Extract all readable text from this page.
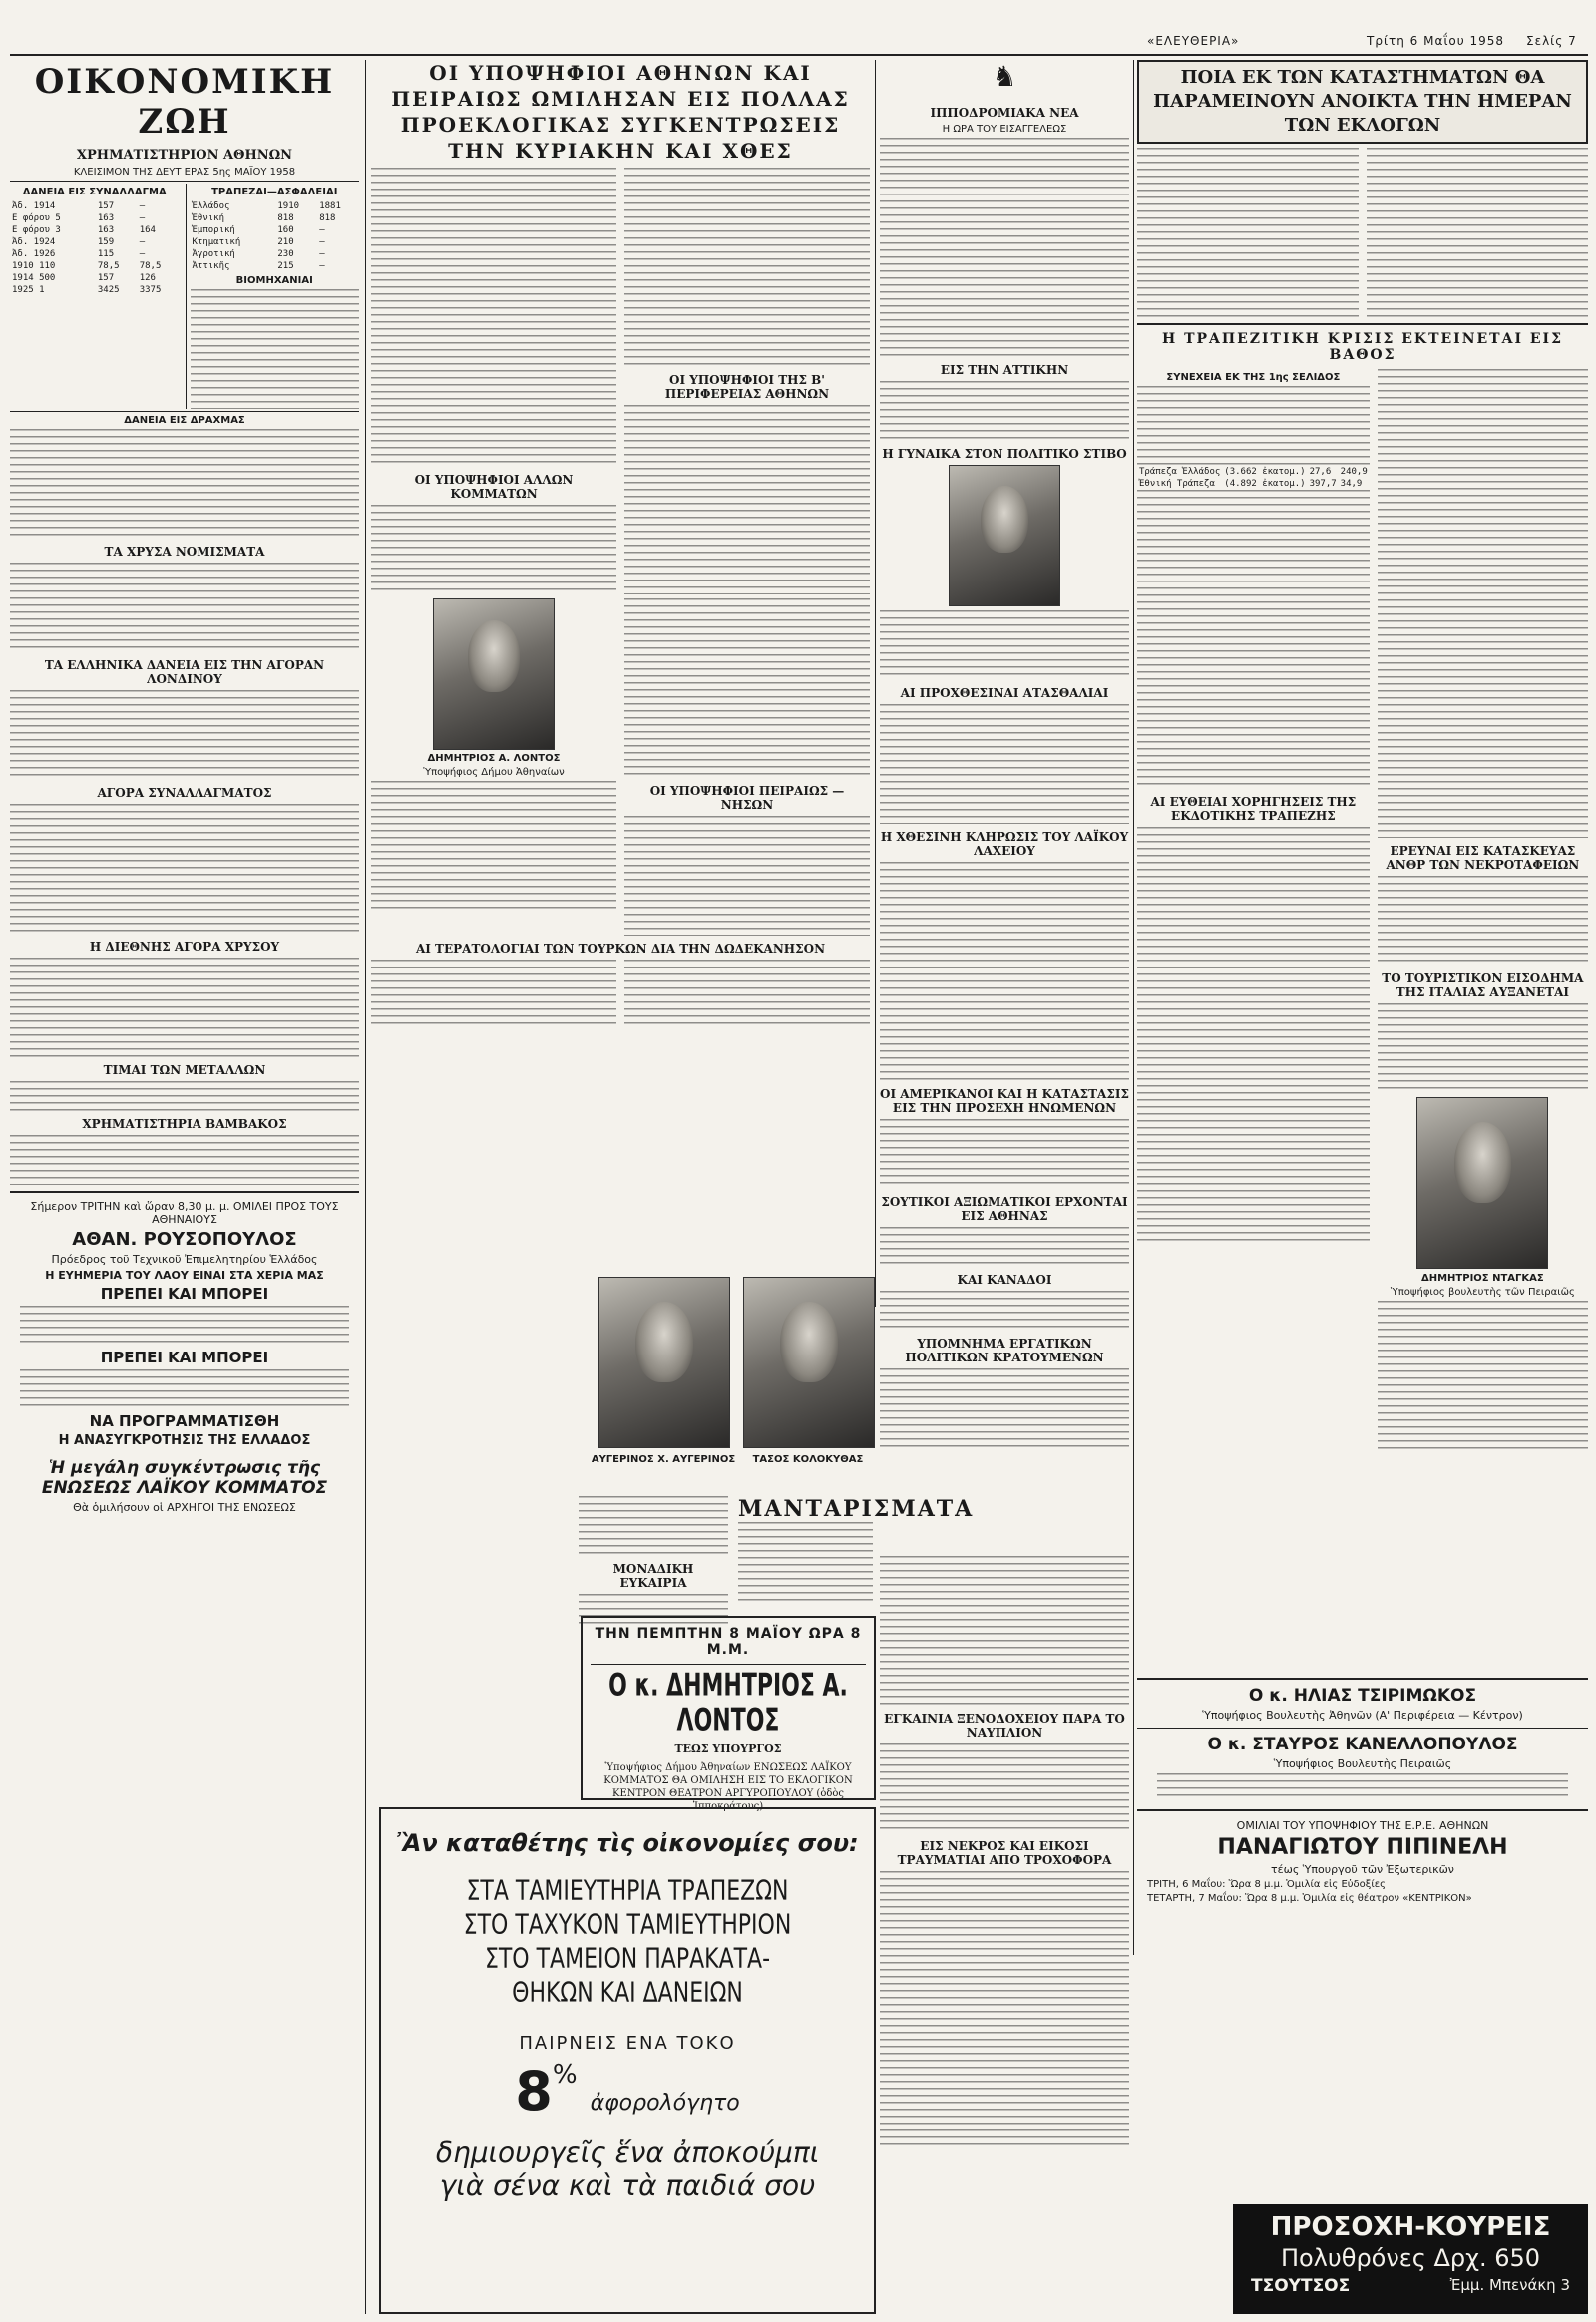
«ΕΛΕΥΘΕΡΙΑ»	Τρίτη 6 Μαΐου 1958 Σελίς 7
ΟΙΚΟΝΟΜΙΚΗ ΖΩΗ
ΧΡΗΜΑΤΙΣΤΗΡΙΟΝ ΑΘΗΝΩΝ
ΚΛΕΙΣΙΜΟΝ ΤΗΣ ΔΕΥΤ ΕΡΑΣ 5ης ΜΑΪΟΥ 1958
ΔΑΝΕΙΑ ΕΙΣ ΣΥΝΑΛΛΑΓΜΑ
Ἀδ. 1914	157	—
Ε φόρου 5	163	—
Ε φόρου 3	163	164
Ἀδ. 1924	159	—
Ἀδ. 1926	115	—
1910 110	78,5	78,5
1914 500	157	126
1925 1	3425	3375
ΤΡΑΠΕΖΑΙ—ΑΣΦΑΛΕΙΑΙ
Ἑλλάδος	1910	1881
Ἑθνική	818	818
Ἐμπορική	160	—
Κτηματική	210	—
Ἀγροτική	230	—
Ἀττικῆς	215	—
ΒΙΟΜΗΧΑΝΙΑΙ
ΔΑΝΕΙΑ ΕΙΣ ΔΡΑΧΜΑΣ
ΤΑ ΧΡΥΣΑ ΝΟΜΙΣΜΑΤΑ
ΤΑ ΕΛΛΗΝΙΚΑ ΔΑΝΕΙΑ ΕΙΣ ΤΗΝ ΑΓΟΡΑΝ ΛΟΝΔΙΝΟΥ
ΑΓΟΡΑ ΣΥΝΑΛΛΑΓΜΑΤΟΣ
Η ΔΙΕΘΝΗΣ ΑΓΟΡΑ ΧΡΥΣΟΥ
ΤΙΜΑΙ ΤΩΝ ΜΕΤΑΛΛΩΝ
ΧΡΗΜΑΤΙΣΤΗΡΙΑ ΒΑΜΒΑΚΟΣ
Σήμερον ΤΡΙΤΗΝ καὶ ὥραν 8,30 μ. μ. ΟΜΙΛΕΙ ΠΡΟΣ ΤΟΥΣ ΑΘΗΝΑΙΟΥΣ
ΑΘΑΝ. ΡΟΥΣΟΠΟΥΛΟΣ
Πρόεδρος τοῦ Τεχνικοῦ Ἐπιμελητηρίου Ἑλλάδος
Η ΕΥΗΜΕΡΙΑ ΤΟΥ ΛΑΟΥ ΕΙΝΑΙ ΣΤΑ ΧΕΡΙΑ ΜΑΣ
ΠΡΕΠΕΙ ΚΑΙ ΜΠΟΡΕΙ
ΠΡΕΠΕΙ ΚΑΙ ΜΠΟΡΕΙ
ΝΑ ΠΡΟΓΡΑΜΜΑΤΙΣΘΗ
Η ΑΝΑΣΥΓΚΡΟΤΗΣΙΣ ΤΗΣ ΕΛΛΑΔΟΣ
Ἡ μεγάλη συγκέντρωσις τῆς ΕΝΩΣΕΩΣ ΛΑΪΚΟΥ ΚΟΜΜΑΤΟΣ
Θὰ ὁμιλήσουν οἱ ΑΡΧΗΓΟΙ ΤΗΣ ΕΝΩΣΕΩΣ
ΟΙ ΥΠΟΨΗΦΙΟΙ ΑΘΗΝΩΝ ΚΑΙ ΠΕΙΡΑΙΩΣ ΩΜΙΛΗΣΑΝ ΕΙΣ ΠΟΛΛΑΣ ΠΡΟΕΚΛΟΓΙΚΑΣ ΣΥΓΚΕΝΤΡΩΣΕΙΣ ΤΗΝ ΚΥΡΙΑΚΗΝ ΚΑΙ ΧΘΕΣ
ΟΙ ΥΠΟΨΗΦΙΟΙ ΑΛΛΩΝ ΚΟΜΜΑΤΩΝ
ΟΙ ΥΠΟΨΗΦΙΟΙ ΤΗΣ Β' ΠΕΡΙΦΕΡΕΙΑΣ ΑΘΗΝΩΝ
ΔΗΜΗΤΡΙΟΣ Α. ΛΟΝΤΟΣ
Ὑποψήφιος Δήμου Ἀθηναίων
ΟΙ ΥΠΟΨΗΦΙΟΙ ΠΕΙΡΑΙΩΣ — ΝΗΣΩΝ
ΑΙ ΤΕΡΑΤΟΛΟΓΙΑΙ ΤΩΝ ΤΟΥΡΚΩΝ ΔΙΑ ΤΗΝ ΔΩΔΕΚΑΝΗΣΟΝ
♞
ΙΠΠΟΔΡΟΜΙΑΚΑ ΝΕΑ
Η ΩΡΑ ΤΟΥ ΕΙΣΑΓΓΕΛΕΩΣ
ΕΙΣ ΤΗΝ ΑΤΤΙΚΗΝ
Η ΓΥΝΑΙΚΑ ΣΤΟΝ ΠΟΛΙΤΙΚΟ ΣΤΙΒΟ
ΑΙ ΠΡΟΧΘΕΣΙΝΑΙ ΑΤΑΣΘΑΛΙΑΙ
Η ΧΘΕΣΙΝΗ ΚΛΗΡΩΣΙΣ ΤΟΥ ΛΑΪΚΟΥ ΛΑΧΕΙΟΥ
ΟΙ ΑΜΕΡΙΚΑΝΟΙ ΚΑΙ Η ΚΑΤΑΣΤΑΣΙΣ ΕΙΣ ΤΗΝ ΠΡΟΣΕΧΗ ΗΝΩΜΕΝΩΝ
ΣΟΥΤΙΚΟΙ ΑΞΙΩΜΑΤΙΚΟΙ ΕΡΧΟΝΤΑΙ ΕΙΣ ΑΘΗΝΑΣ
ΚΑΙ ΚΑΝΑΔΟΙ
ΥΠΟΜΝΗΜΑ ΕΡΓΑΤΙΚΩΝ ΠΟΛΙΤΙΚΩΝ ΚΡΑΤΟΥΜΕΝΩΝ
ΑΥΓΕΡΙΝΟΣ Χ. ΑΥΓΕΡΙΝΟΣ	ΤΑΣΟΣ ΚΟΛΟΚΥΘΑΣ
ΜΑΝΤΑΡΙΣΜΑΤΑ
ΜΟΝΑΔΙΚΗ ΕΥΚΑΙΡΙΑ
ΤΗΝ ΠΕΜΠΤΗΝ 8 ΜΑΪΟΥ ΩΡΑ 8 Μ.Μ.
Ο κ. ΔΗΜΗΤΡΙΟΣ Α. ΛΟΝΤΟΣ
ΤΕΩΣ ΥΠΟΥΡΓΟΣ
Ὑποψήφιος Δήμου Ἀθηναίων ΕΝΩΣΕΩΣ ΛΑΪΚΟΥ ΚΟΜΜΑΤΟΣ ΘΑ ΟΜΙΛΗΣΗ ΕΙΣ ΤΟ ΕΚΛΟΓΙΚΟΝ ΚΕΝΤΡΟΝ ΘΕΑΤΡΟΝ ΑΡΓΥΡΟΠΟΥΛΟΥ (ὁδὸς Ἱπποκράτους)
Ἂν καταθέτης τὶς οἰκονομίες σου:
ΣΤΑ ΤΑΜΙΕΥΤΗΡΙΑ ΤΡΑΠΕΖΩΝ
ΣΤΟ ΤΑΧΥΚΟΝ ΤΑΜΙΕΥΤΗΡΙΟΝ
ΣΤΟ ΤΑΜΕΙΟΝ ΠΑΡΑΚΑΤΑ-
ΘΗΚΩΝ ΚΑΙ ΔΑΝΕΙΩΝ
ΠΑΙΡΝΕΙΣ ΕΝΑ ΤΟΚΟ
8% ἀφορολόγητο
δημιουργεῖς ἕνα ἀποκούμπι
γιὰ σένα καὶ τὰ παιδιά σου
ΕΓΚΑΙΝΙΑ ΞΕΝΟΔΟΧΕΙΟΥ ΠΑΡΑ ΤΟ ΝΑΥΠΛΙΟΝ
ΕΙΣ ΝΕΚΡΟΣ ΚΑΙ ΕΙΚΟΣΙ ΤΡΑΥΜΑΤΙΑΙ ΑΠΟ ΤΡΟΧΟΦΟΡΑ
ΠΟΙΑ ΕΚ ΤΩΝ ΚΑΤΑΣΤΗΜΑΤΩΝ ΘΑ ΠΑΡΑΜΕΙΝΟΥΝ ΑΝΟΙΚΤΑ ΤΗΝ ΗΜΕΡΑΝ ΤΩΝ ΕΚΛΟΓΩΝ
Η ΤΡΑΠΕΖΙΤΙΚΗ ΚΡΙΣΙΣ ΕΚΤΕΙΝΕΤΑΙ ΕΙΣ ΒΑΘΟΣ
ΣΥΝΕΧΕΙΑ ΕΚ ΤΗΣ 1ης ΣΕΛΙΔΟΣ
Τράπεζα Ἑλλάδος	(3.662 ἐκατομ.)	27,6	240,9
Ἐθνική Τράπεζα	(4.892 ἐκατομ.)	397,7	34,9
ΑΙ ΕΥΘΕΙΑΙ ΧΟΡΗΓΗΣΕΙΣ ΤΗΣ ΕΚΔΟΤΙΚΗΣ ΤΡΑΠΕΖΗΣ
ΕΡΕΥΝΑΙ ΕΙΣ ΚΑΤΑΣΚΕΥΑΣ ΑΝΘΡ ΤΩΝ ΝΕΚΡΟΤΑΦΕΙΩΝ
ΤΟ ΤΟΥΡΙΣΤΙΚΟΝ ΕΙΣΟΔΗΜΑ ΤΗΣ ΙΤΑΛΙΑΣ ΑΥΞΑΝΕΤΑΙ
ΔΗΜΗΤΡΙΟΣ ΝΤΑΓΚΑΣ
Ὑποψήφιος βουλευτὴς τῶν Πειραιῶς
Ο κ. ΗΛΙΑΣ ΤΣΙΡΙΜΩΚΟΣ
Ὑποψήφιος Βουλευτὴς Ἀθηνῶν (Α' Περιφέρεια — Κέντρον)
Ο κ. ΣΤΑΥΡΟΣ ΚΑΝΕΛΛΟΠΟΥΛΟΣ
Ὑποψήφιος Βουλευτὴς Πειραιῶς
ΟΜΙΛΙΑΙ ΤΟΥ ΥΠΟΨΗΦΙΟΥ ΤΗΣ Ε.Ρ.Ε. ΑΘΗΝΩΝ
ΠΑΝΑΓΙΩΤΟΥ ΠΙΠΙΝΕΛΗ
τέως Ὑπουργοῦ τῶν Ἐξωτερικῶν
ΤΡΙΤΗ, 6 Μαΐου: Ὥρα 8 μ.μ. Ὁμιλία εἰς Εὐδοξίες
ΤΕΤΑΡΤΗ, 7 Μαΐου: Ὥρα 8 μ.μ. Ὁμιλία εἰς θέατρον «ΚΕΝΤΡΙΚΟΝ»
ΠΡΟΣΟΧΗ-ΚΟΥΡΕΙΣ
Πολυθρόνες Δρχ. 650
ΤΣΟΥΤΣΟΣ	Ἐμμ. Μπενάκη 3
